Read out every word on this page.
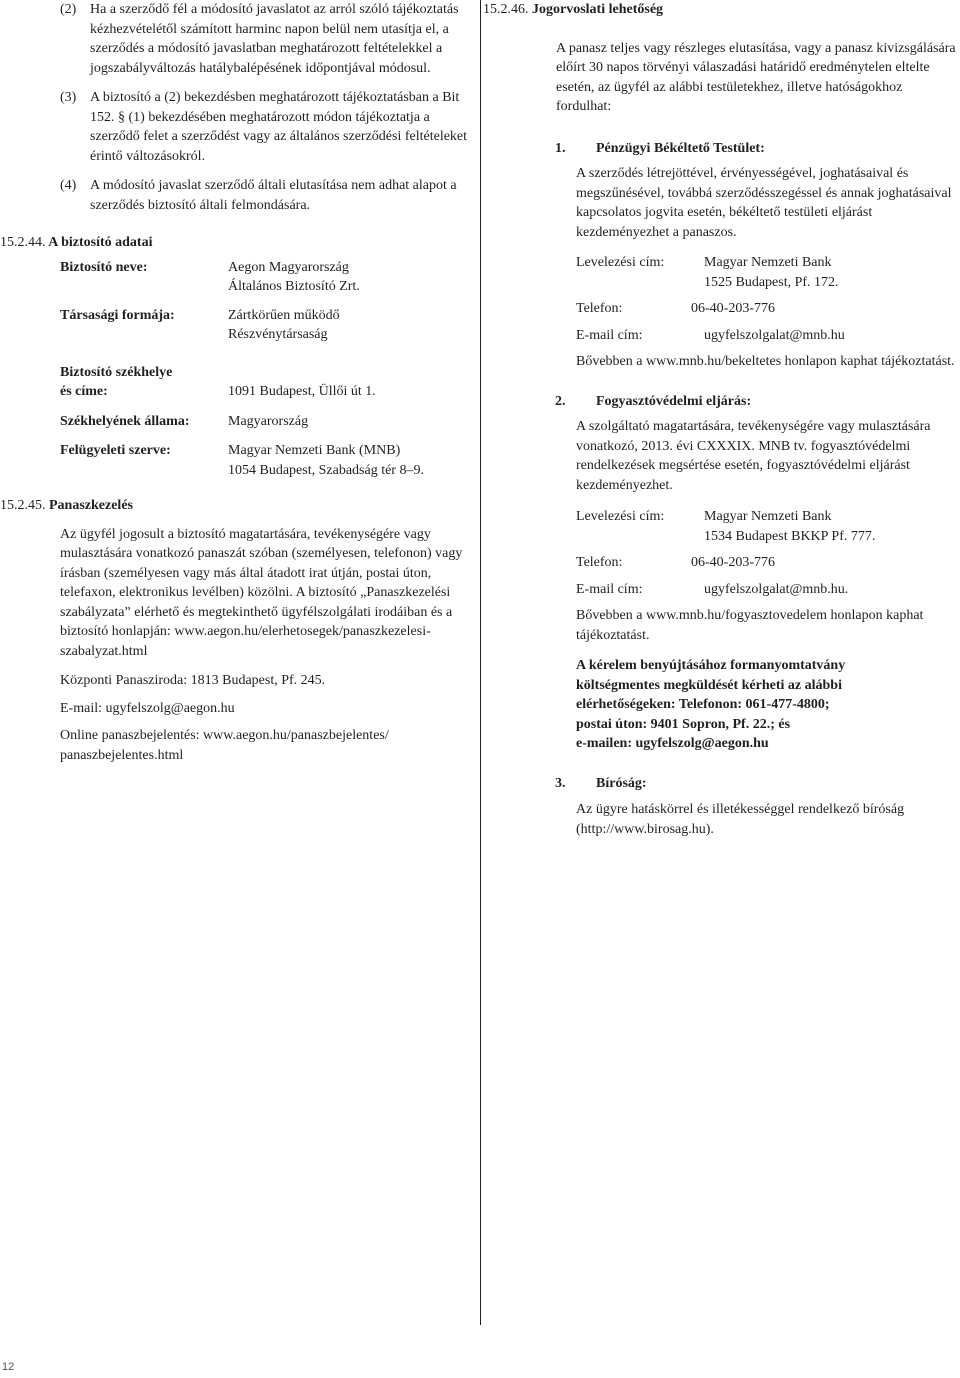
(2) Ha a szerződő fél a módosító javaslatot az arról szóló tájékoztatás kézhezvételétől számított harminc napon belül nem utasítja el, a szerződés a módosító javaslatban meghatározott feltételekkel a jogszabályváltozás hatálybalépésének időpontjával módosul.
(3) A biztosító a (2) bekezdésben meghatározott tájékoztatásban a Bit 152. § (1) bekezdésében meghatározott módon tájékoztatja a szerződő felet a szerződést vagy az általános szerződési feltételeket érintő változásokról.
(4) A módosító javaslat szerződő általi elutasítása nem adhat alapot a szerződés biztosító általi felmondására.
15.2.44. A biztosító adatai
Biztosító neve:	Aegon Magyarország
Általános Biztosító Zrt.
Társasági formája:	Zártkörűen működő
Részvénytársaság
Biztosító székhelye
és címe:	1091 Budapest, Üllői út 1.
Székhelyének állama:	Magyarország
Felügyeleti szerve:	Magyar Nemzeti Bank (MNB)
1054 Budapest, Szabadság tér 8–9.
15.2.45. Panaszkezelés
Az ügyfél jogosult a biztosító magatartására, tevékenységére vagy mulasztására vonatkozó panaszát szóban (személyesen, telefonon) vagy írásban (személyesen vagy más által átadott irat útján, postai úton, telefaxon, elektronikus levélben) közölni. A biztosító „Panaszkezelési szabályzata” elérhető és megtekinthető ügyfélszolgálati irodáiban és a biztosító honlapján: www.aegon.hu/elerhetosegek/panaszkezelesi-szabalyzat.html
Központi Panasziroda: 1813 Budapest, Pf. 245.
E-mail: ugyfelszolg@aegon.hu
Online panaszbejelentés: www.aegon.hu/panaszbejelentes/ panaszbejelentes.html
15.2.46. Jogorvoslati lehetőség
A panasz teljes vagy részleges elutasítása, vagy a panasz kivizsgálására előírt 30 napos törvényi válaszadási határidő eredménytelen eltelte esetén, az ügyfél az alábbi testületekhez, illetve hatóságokhoz fordulhat:
1.	Pénzügyi Békéltető Testület:
A szerződés létrejöttével, érvényességével, joghatásaival és megszűnésével, továbbá szerződésszegéssel és annak joghatásaival kapcsolatos jogvita esetén, békéltető testületi eljárást kezdeményezhet a panaszos.
Levelezési cím:	Magyar Nemzeti Bank
1525 Budapest, Pf. 172.
Telefon:	06-40-203-776
E-mail cím:	ugyfelszolgalat@mnb.hu
Bővebben a www.mnb.hu/bekeltetes honlapon kaphat tájékoztatást.
2.	Fogyasztóvédelmi eljárás:
A szolgáltató magatartására, tevékenységére vagy mulasztására vonatkozó, 2013. évi CXXXIX. MNB tv. fogyasztóvédelmi rendelkezések megsértése esetén, fogyasztóvédelmi eljárást kezdeményezhet.
Levelezési cím:	Magyar Nemzeti Bank
1534 Budapest BKKP Pf. 777.
Telefon:	06-40-203-776
E-mail cím:	ugyfelszolgalat@mnb.hu.
Bővebben a www.mnb.hu/fogyasztovedelem honlapon kaphat tájékoztatást.
A kérelem benyújtásához formanyomtatvány
költségmentes megküldését kérheti az alábbi
elérhetőségeken: Telefonon: 061-477-4800;
postai úton: 9401 Sopron, Pf. 22.; és
e-mailen: ugyfelszolg@aegon.hu
3.	Bíróság:
Az ügyre hatáskörrel és illetékességgel rendelkező bíróság (http://www.birosag.hu).
12
